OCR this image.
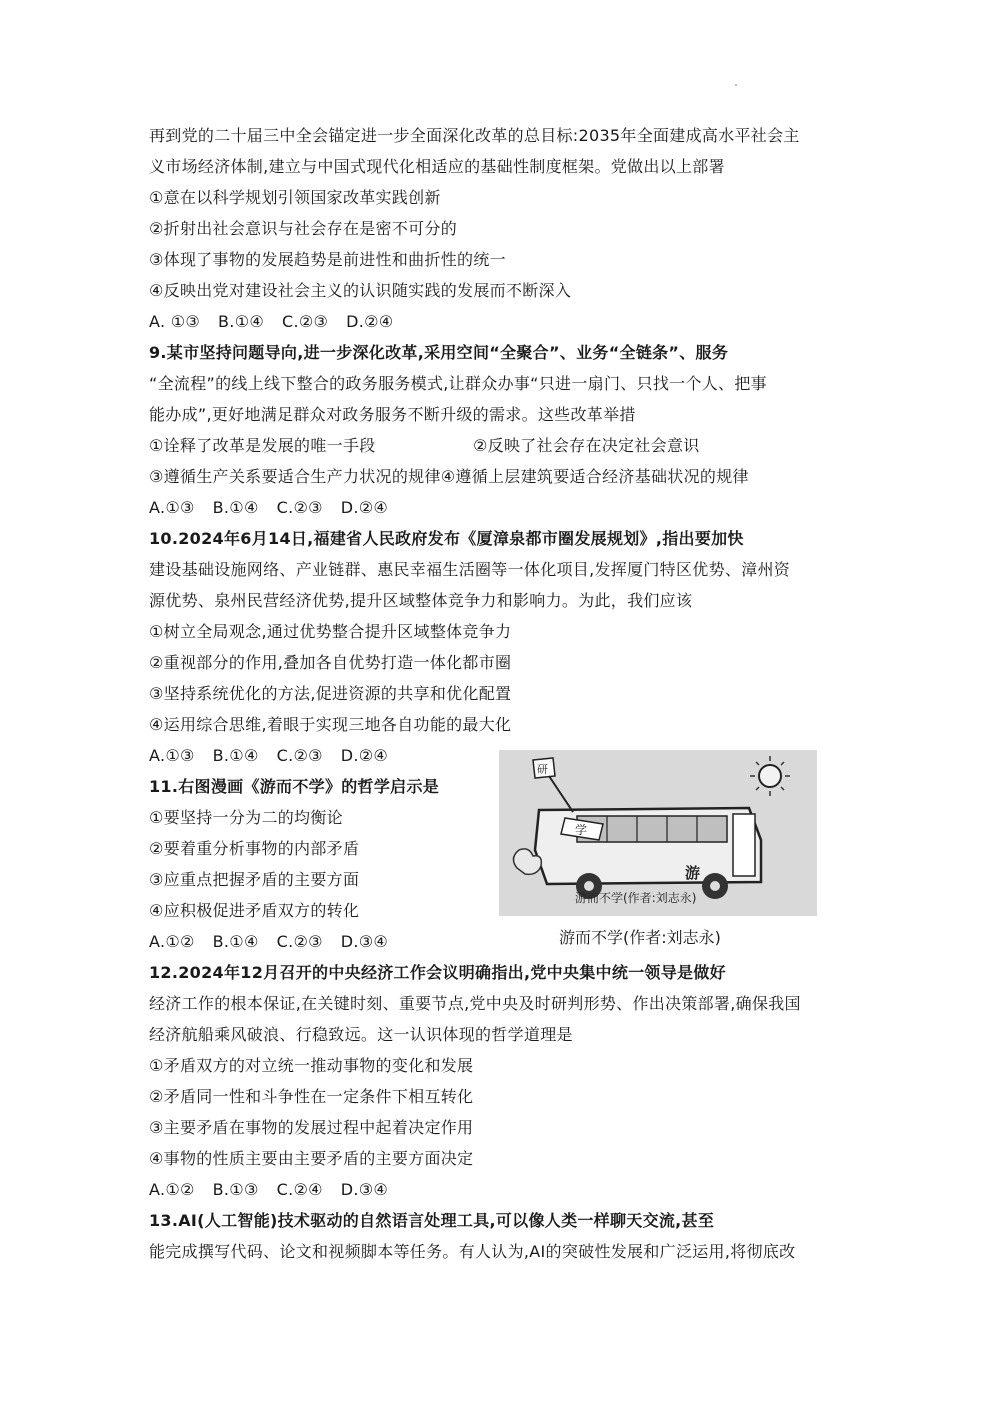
再到党的二十届三中全会锚定进一步全面深化改革的总目标:2035年全面建成高水平社会主
义市场经济体制,建立与中国式现代化相适应的基础性制度框架。党做出以上部署
①意在以科学规划引领国家改革实践创新
②折射出社会意识与社会存在是密不可分的
③体现了事物的发展趋势是前进性和曲折性的统一
④反映出党对建设社会主义的认识随实践的发展而不断深入
A. ①③ B.①④ C.②③ D.②④
9.某市坚持问题导向,进一步深化改革,采用空间“全聚合”、业务“全链条”、服务
“全流程”的线上线下整合的政务服务模式,让群众办事“只进一扇门、只找一个人、把事
能办成”,更好地满足群众对政务服务不断升级的需求。这些改革举措
①诠释了改革是发展的唯一手段	②反映了社会存在决定社会意识
③遵循生产关系要适合生产力状况的规律④遵循上层建筑要适合经济基础状况的规律
A.①③ B.①④ C.②③ D.②④
10.2024年6月14日,福建省人民政府发布《厦漳泉都市圈发展规划》,指出要加快
建设基础设施网络、产业链群、惠民幸福生活圈等一体化项目,发挥厦门特区优势、漳州资
源优势、泉州民营经济优势,提升区域整体竞争力和影响力。为此，我们应该
①树立全局观念,通过优势整合提升区域整体竞争力
②重视部分的作用,叠加各自优势打造一体化都市圈
③坚持系统优化的方法,促进资源的共享和优化配置
④运用综合思维,着眼于实现三地各自功能的最大化
A.①③ B.①④ C.②③ D.②④
11.右图漫画《游而不学》的哲学启示是
①要坚持一分为二的均衡论
②要着重分析事物的内部矛盾
③应重点把握矛盾的主要方面
④应积极促进矛盾双方的转化
A.①② B.①④ C.②③ D.③④
研
学
游
游而不学(作者:刘志永)
游而不学(作者:刘志永)
12.2024年12月召开的中央经济工作会议明确指出,党中央集中统一领导是做好
经济工作的根本保证,在关键时刻、重要节点,党中央及时研判形势、作出决策部署,确保我国
经济航船乘风破浪、行稳致远。这一认识体现的哲学道理是
①矛盾双方的对立统一推动事物的变化和发展
②矛盾同一性和斗争性在一定条件下相互转化
③主要矛盾在事物的发展过程中起着决定作用
④事物的性质主要由主要矛盾的主要方面决定
A.①② B.①③ C.②④ D.③④
13.AI(人工智能)技术驱动的自然语言处理工具,可以像人类一样聊天交流,甚至
能完成撰写代码、论文和视频脚本等任务。有人认为,AI的突破性发展和广泛运用,将彻底改
